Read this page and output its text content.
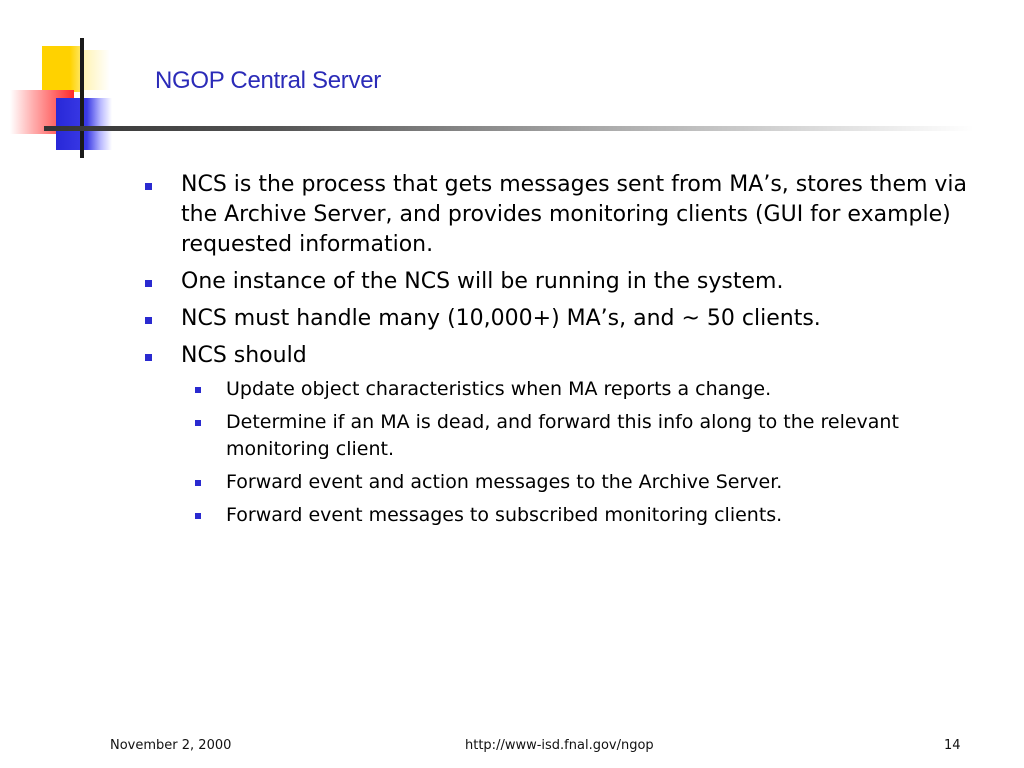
NGOP Central Server
NCS is the process that gets messages sent from MA’s, stores them via the Archive Server, and provides monitoring clients (GUI for example) requested information.
One instance of the NCS will be running in the system.
NCS must handle many (10,000+) MA’s, and ~ 50 clients.
NCS should
Update object characteristics when MA reports a change.
Determine if an MA is dead, and forward this info along to the relevant monitoring client.
Forward event and action messages to the Archive Server.
Forward event messages to subscribed monitoring clients.
November 2, 2000	http://www-isd.fnal.gov/ngop	14
